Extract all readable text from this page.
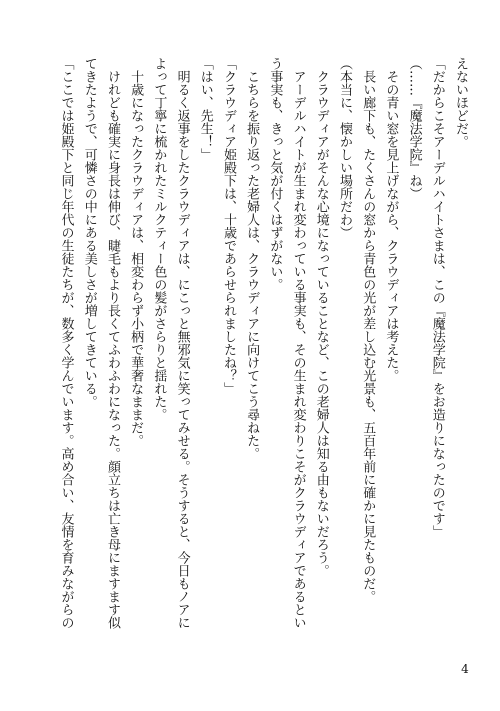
えないほどだ。
「だからこそアーデルハイトさまは、この『魔法学院』をお造りになったのです」
（……『魔法学院』ね）
　その青い窓を見上げながら、クラウディアは考えた。
　長い廊下も、たくさんの窓から青色の光が差し込む光景も、五百年前に確かに見たものだ。
（本当に、懐かしい場所だわ）
　クラウディアがそんな心境になっていることなど、この老婦人は知る由もないだろう。
　アーデルハイトが生まれ変わっている事実も、その生まれ変わりこそがクラウディアであるとい
う事実も、きっと気が付くはずがない。
　こちらを振り返った老婦人は、クラウディアに向けてこう尋ねた。
「クラウディア姫殿下は、十歳であらせられましたね？」
「はい、先生！」
　明るく返事をしたクラウディアは、にこっと無邪気に笑ってみせる。そうすると、今日もノアに
よって丁寧に梳かれたミルクティー色の髪がさらりと揺れた。
　十歳になったクラウディアは、相変わらず小柄で華奢なままだ。
　けれども確実に身長は伸び、睫毛もより長くてふわふわになった。顔立ちは亡き母にますます似
てきたようで、可憐さの中にある美しさが増してきている。
「ここでは姫殿下と同じ年代の生徒たちが、数多く学んでいます。高め合い、友情を育みながらの
4
